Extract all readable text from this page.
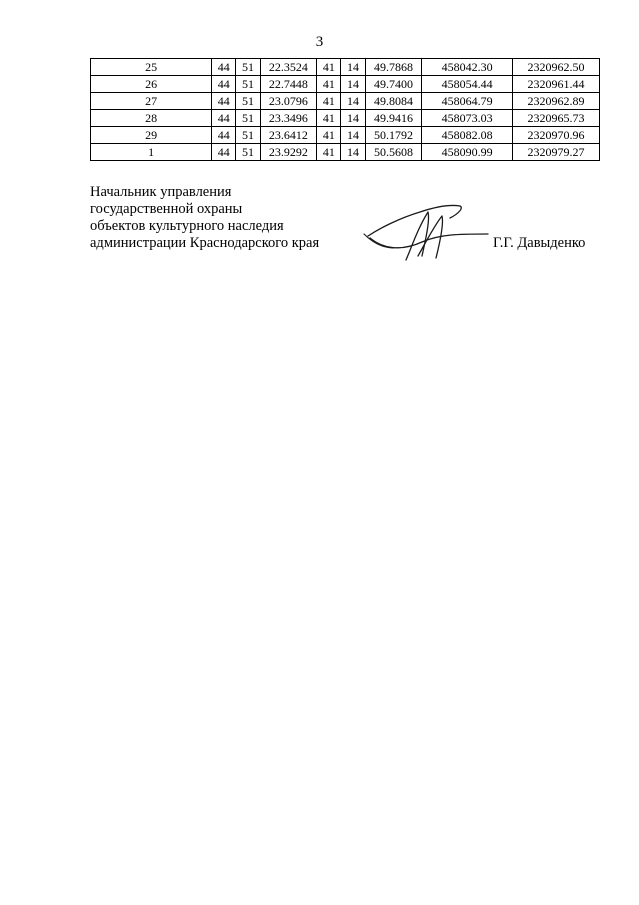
3
25	44	51	22.3524	41	14	49.7868	458042.30	2320962.50
26	44	51	22.7448	41	14	49.7400	458054.44	2320961.44
27	44	51	23.0796	41	14	49.8084	458064.79	2320962.89
28	44	51	23.3496	41	14	49.9416	458073.03	2320965.73
29	44	51	23.6412	41	14	50.1792	458082.08	2320970.96
1	44	51	23.9292	41	14	50.5608	458090.99	2320979.27
Начальник управления
государственной охраны
объектов культурного наследия
администрации Краснодарского края	Г.Г. Давыденко
